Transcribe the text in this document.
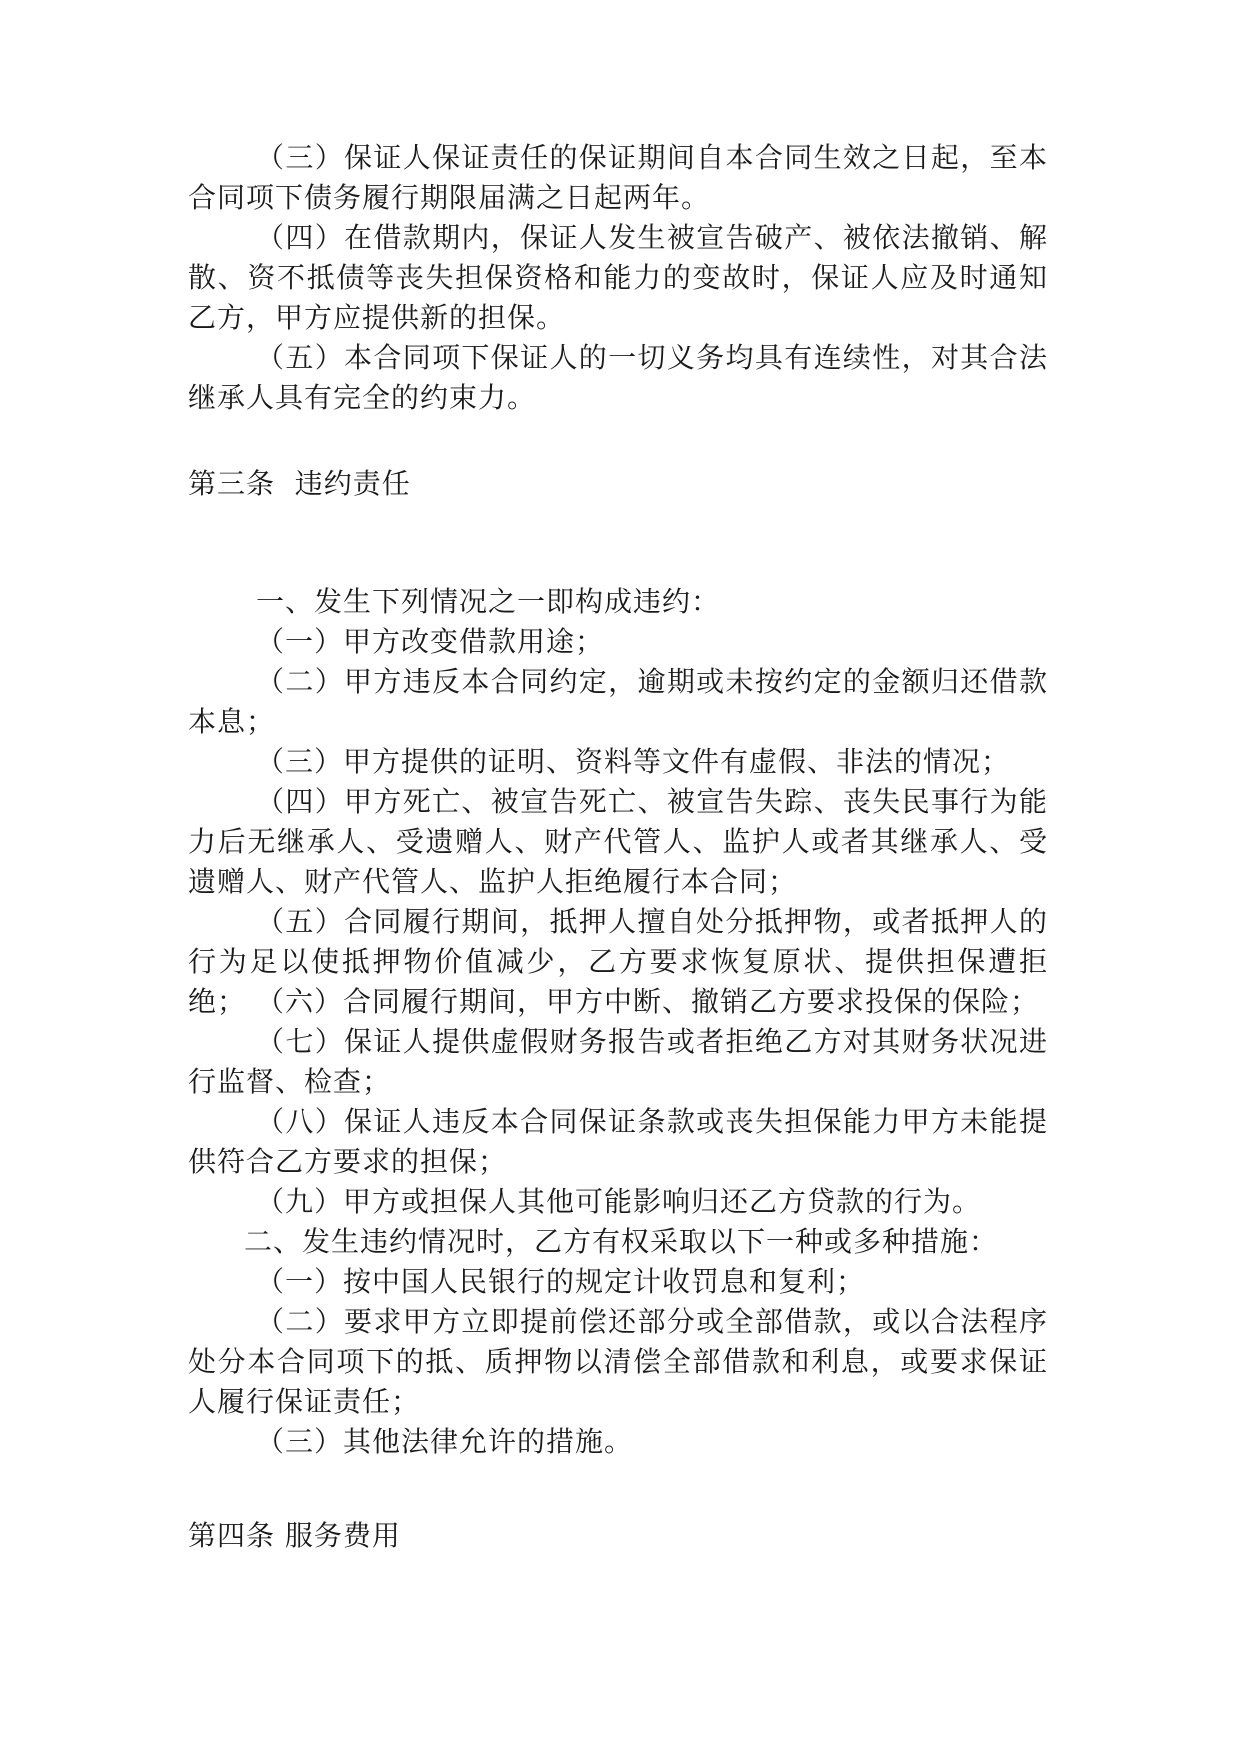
（三）保证人保证责任的保证期间自本合同生效之日起，至本合同项下债务履行期限届满之日起两年。

（四）在借款期内，保证人发生被宣告破产、被依法撤销、解散、资不抵债等丧失担保资格和能力的变故时，保证人应及时通知乙方，甲方应提供新的担保。

（五）本合同项下保证人的一切义务均具有连续性，对其合法继承人具有完全的约束力。

第三条  违约责任

一、发生下列情况之一即构成违约：

（一）甲方改变借款用途；

（二）甲方违反本合同约定，逾期或未按约定的金额归还借款本息；

（三）甲方提供的证明、资料等文件有虚假、非法的情况；

（四）甲方死亡、被宣告死亡、被宣告失踪、丧失民事行为能力后无继承人、受遗赠人、财产代管人、监护人或者其继承人、受遗赠人、财产代管人、监护人拒绝履行本合同；

（五）合同履行期间，抵押人擅自处分抵押物，或者抵押人的行为足以使抵押物价值减少，乙方要求恢复原状、提供担保遭拒绝； （六）合同履行期间，甲方中断、撤销乙方要求投保的保险；

（七）保证人提供虚假财务报告或者拒绝乙方对其财务状况进行监督、检查；

（八）保证人违反本合同保证条款或丧失担保能力甲方未能提供符合乙方要求的担保；

（九）甲方或担保人其他可能影响归还乙方贷款的行为。

二、发生违约情况时，乙方有权采取以下一种或多种措施：

（一）按中国人民银行的规定计收罚息和复利；

（二）要求甲方立即提前偿还部分或全部借款，或以合法程序处分本合同项下的抵、质押物以清偿全部借款和利息，或要求保证人履行保证责任；

（三）其他法律允许的措施。

第四条 服务费用
